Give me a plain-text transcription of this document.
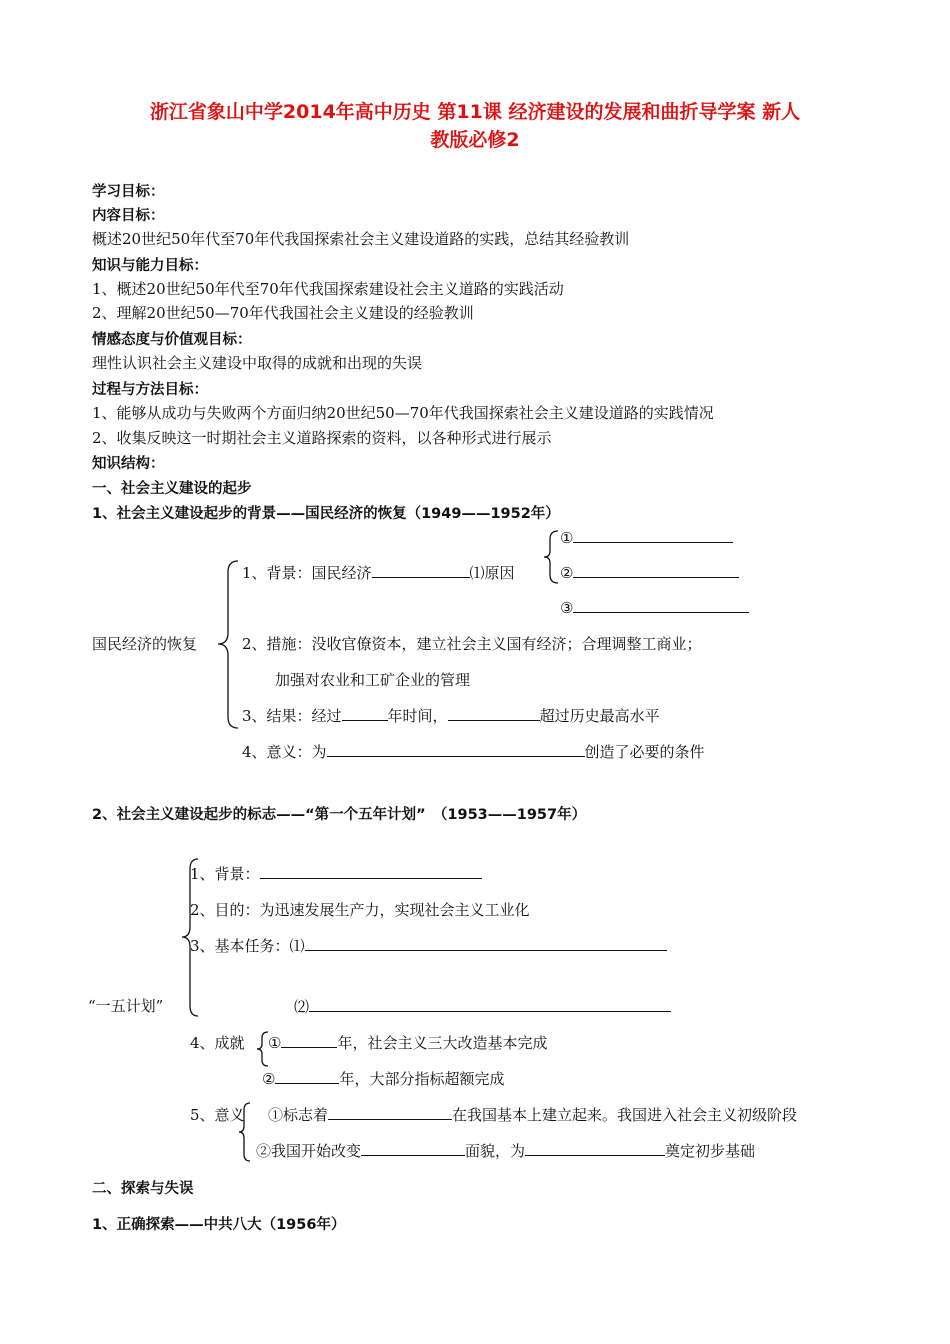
浙江省象山中学2014年高中历史 第11课 经济建设的发展和曲折导学案 新人
教版必修2
学习目标：
内容目标：
概述20世纪50年代至70年代我国探索社会主义建设道路的实践，总结其经验教训
知识与能力目标：
1、概述20世纪50年代至70年代我国探索建设社会主义道路的实践活动
2、理解20世纪50—70年代我国社会主义建设的经验教训
情感态度与价值观目标：
理性认识社会主义建设中取得的成就和出现的失误
过程与方法目标：
1、能够从成功与失败两个方面归纳20世纪50—70年代我国探索社会主义建设道路的实践情况
2、收集反映这一时期社会主义道路探索的资料，以各种形式进行展示
知识结构：
一、社会主义建设的起步
1、社会主义建设起步的背景——国民经济的恢复（1949——1952年）
①
②
③
1、背景：国民经济	⑴原因
国民经济的恢复	2、措施：没收官僚资本，建立社会主义国有经济；合理调整工商业；
加强对农业和工矿企业的管理
3、结果：经过	年时间，	超过历史最高水平
4、意义：为	创造了必要的条件
2、社会主义建设起步的标志——“第一个五年计划”　（1953——1957年）
“一五计划”
1、背景：
2、目的：为迅速发展生产力，实现社会主义工业化
3、基本任务：⑴
⑵
4、成就 ①	年，社会主义三大改造基本完成
②	年，大部分指标超额完成
5、意义 ①标志着	在我国基本上建立起来。我国进入社会主义初级阶段
②我国开始改变	面貌，为	奠定初步基础
二、探索与失误
1、正确探索——中共八大（1956年）
